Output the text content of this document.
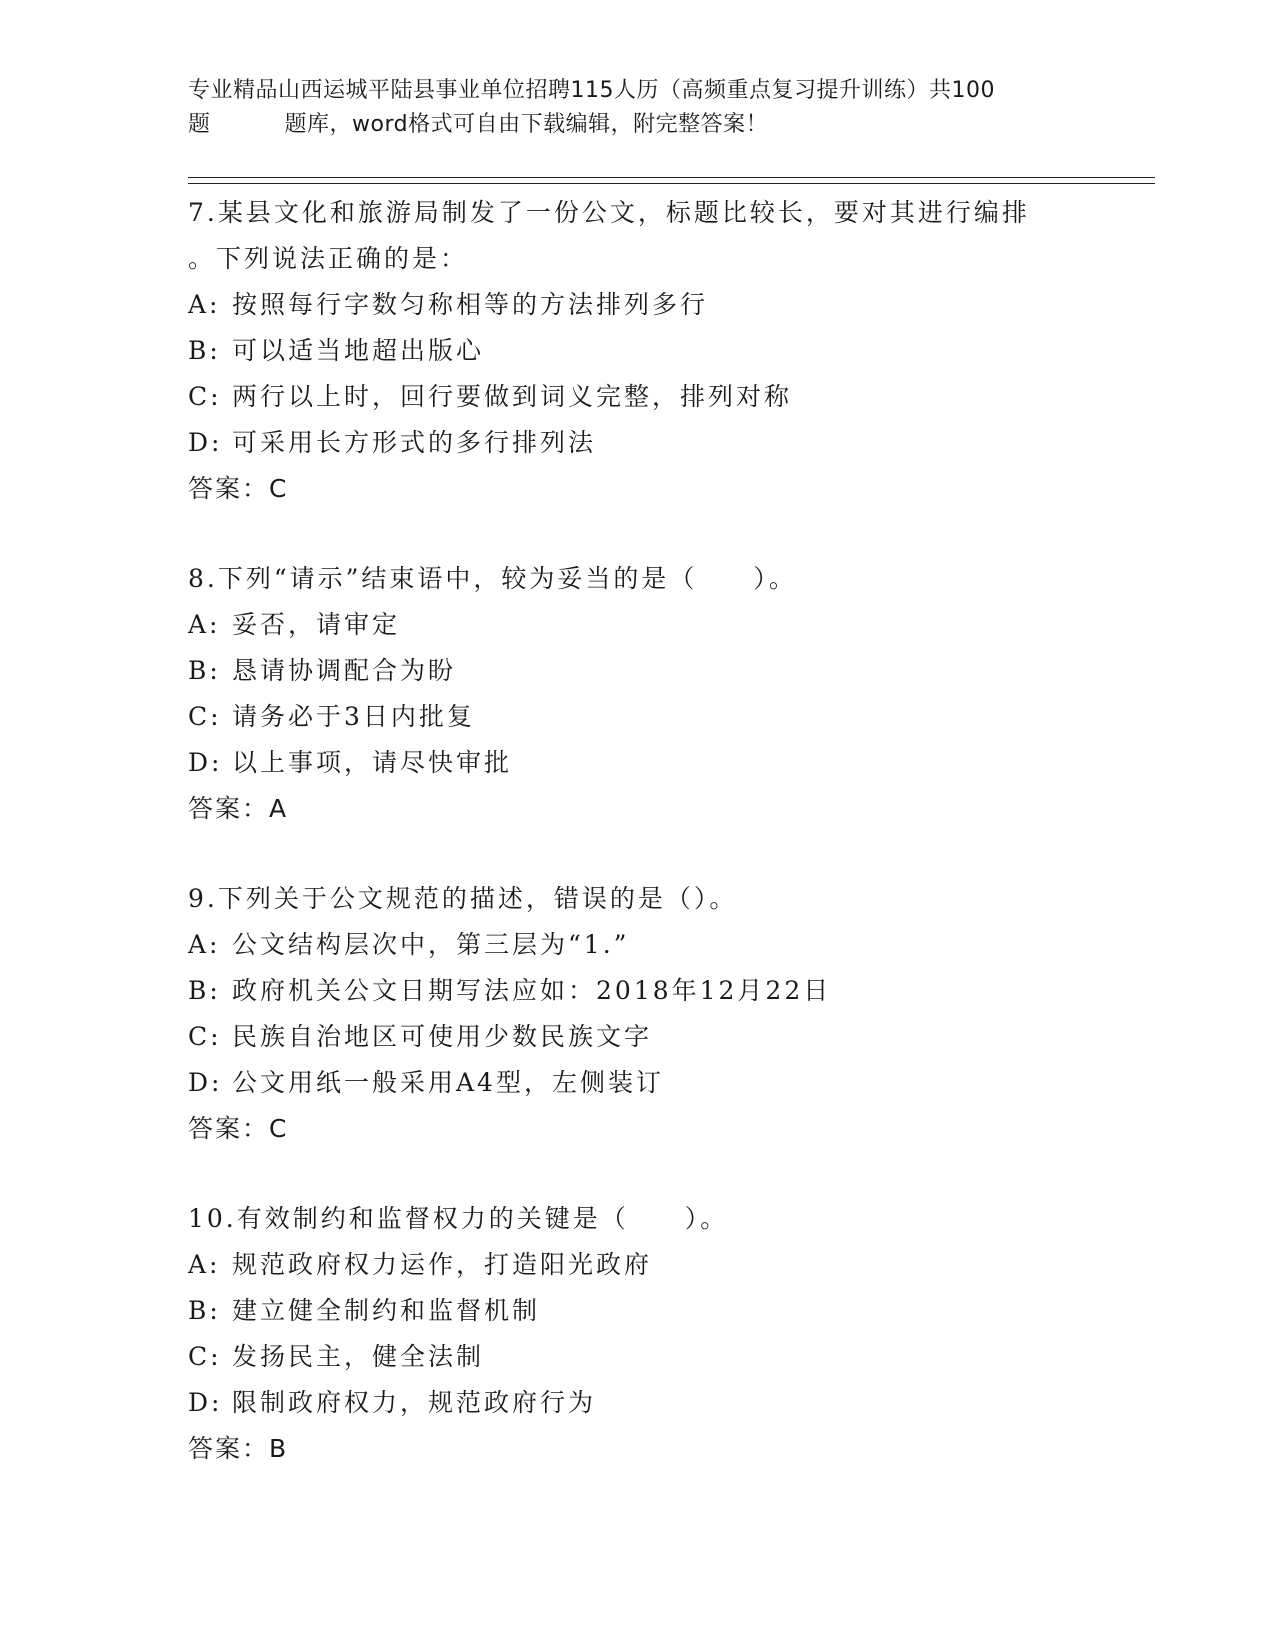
专业精品山西运城平陆县事业单位招聘115人历（高频重点复习提升训练）共100
题	题库，word格式可自由下载编辑，附完整答案！

7.某县文化和旅游局制发了一份公文，标题比较长，要对其进行编排

。下列说法正确的是：

A: 按照每行字数匀称相等的方法排列多行

B: 可以适当地超出版心

C: 两行以上时，回行要做到词义完整，排列对称

D: 可采用长方形式的多行排列法

答案：C

8.下列“请示”结束语中，较为妥当的是（　　）。

A: 妥否，请审定

B: 恳请协调配合为盼

C: 请务必于3日内批复

D: 以上事项，请尽快审批

答案：A

9.下列关于公文规范的描述，错误的是（）。

A: 公文结构层次中，第三层为“1.”

B: 政府机关公文日期写法应如：2018年12月22日

C: 民族自治地区可使用少数民族文字

D: 公文用纸一般采用A4型，左侧装订

答案：C

10.有效制约和监督权力的关键是（　　）。

A: 规范政府权力运作，打造阳光政府

B: 建立健全制约和监督机制

C: 发扬民主，健全法制

D: 限制政府权力，规范政府行为

答案：B
